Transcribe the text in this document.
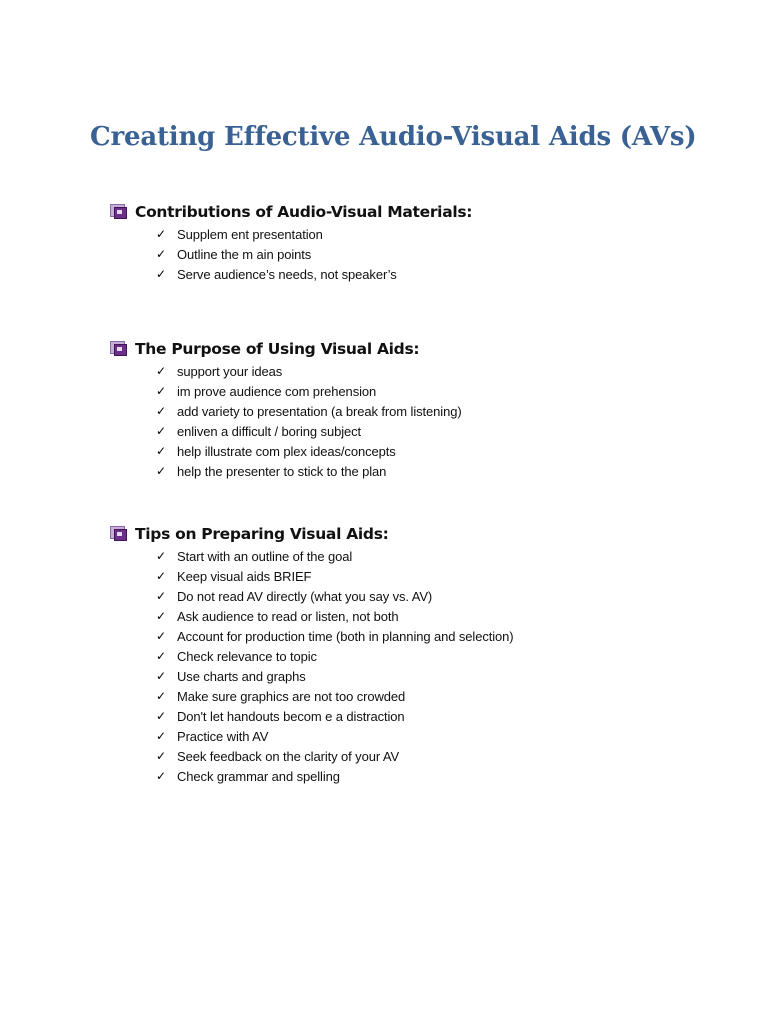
Creating Effective Audio-Visual Aids (AVs)
Contributions of Audio-Visual Materials:
✓ Supplem ent presentation
✓ Outline the m ain points
✓ Serve audience’s needs, not speaker’s
The Purpose of Using Visual Aids:
✓ support your ideas
✓ im prove audience com prehension
✓ add variety to presentation (a break from listening)
✓ enliven a difficult / boring subject
✓ help illustrate com plex ideas/concepts
✓ help the presenter to stick to the plan
Tips on Preparing Visual Aids:
✓ Start with an outline of the goal
✓ Keep visual aids BRIEF
✓ Do not read AV directly (what you say vs. AV)
✓ Ask audience to read or listen, not both
✓ Account for production time (both in planning and selection)
✓ Check relevance to topic
✓ Use charts and graphs
✓ Make sure graphics are not too crowded
✓ Don't let handouts becom e a distraction
✓ Practice with AV
✓ Seek feedback on the clarity of your AV
✓ Check grammar and spelling
